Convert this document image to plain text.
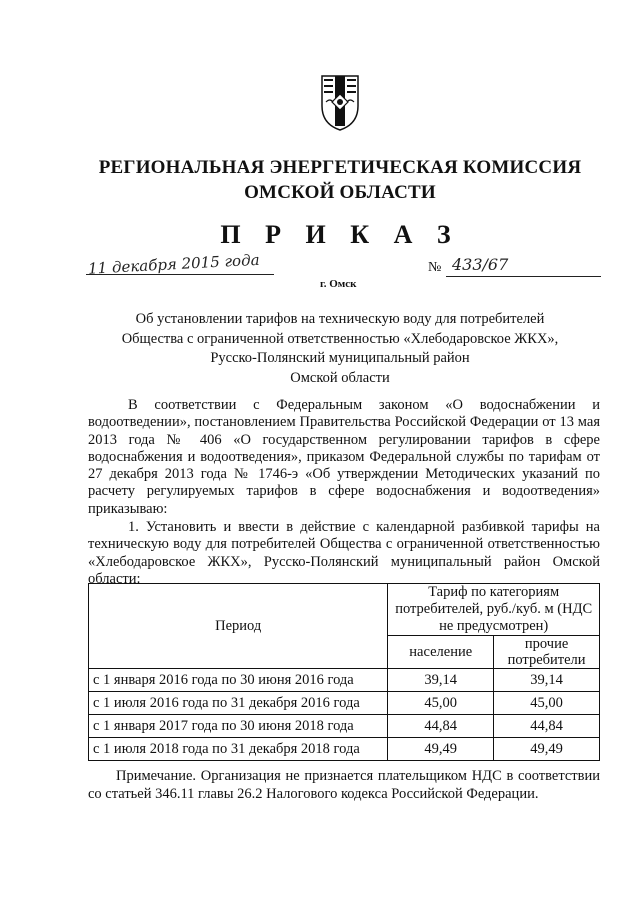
РЕГИОНАЛЬНАЯ ЭНЕРГЕТИЧЕСКАЯ КОМИССИЯ
ОМСКОЙ ОБЛАСТИ
П Р И К А З
11 декабря 2015 года
г. Омск
№ 433/67
Об установлении тарифов на техническую воду для потребителей
Общества с ограниченной ответственностью «Хлебодаровское ЖКХ»,
Русско-Полянский муниципальный район
Омской области
В соответствии с Федеральным законом «О водоснабжении и водоотведении», постановлением Правительства Российской Федерации от 13 мая 2013 года № 406 «О государственном регулировании тарифов в сфере водоснабжения и водоотведения», приказом Федеральной службы по тарифам от 27 декабря 2013 года № 1746-э «Об утверждении Методических указаний по расчету регулируемых тарифов в сфере водоснабжения и водоотведения» приказываю:
1. Установить и ввести в действие с календарной разбивкой тарифы на техническую воду для потребителей Общества с ограниченной ответственностью «Хлебодаровское ЖКХ», Русско-Полянский муниципальный район Омской области:
Период	Тариф по категориям потребителей, руб./куб. м (НДС не предусмотрен)	
	население	прочие потребители
с 1 января 2016 года по 30 июня 2016 года	39,14	39,14
с 1 июля 2016 года по 31 декабря 2016 года	45,00	45,00
с 1 января 2017 года по 30 июня 2018 года	44,84	44,84
с 1 июля 2018 года по 31 декабря 2018 года	49,49	49,49
Примечание. Организация не признается плательщиком НДС в соответствии со статьей 346.11 главы 26.2 Налогового кодекса Российской Федерации.
